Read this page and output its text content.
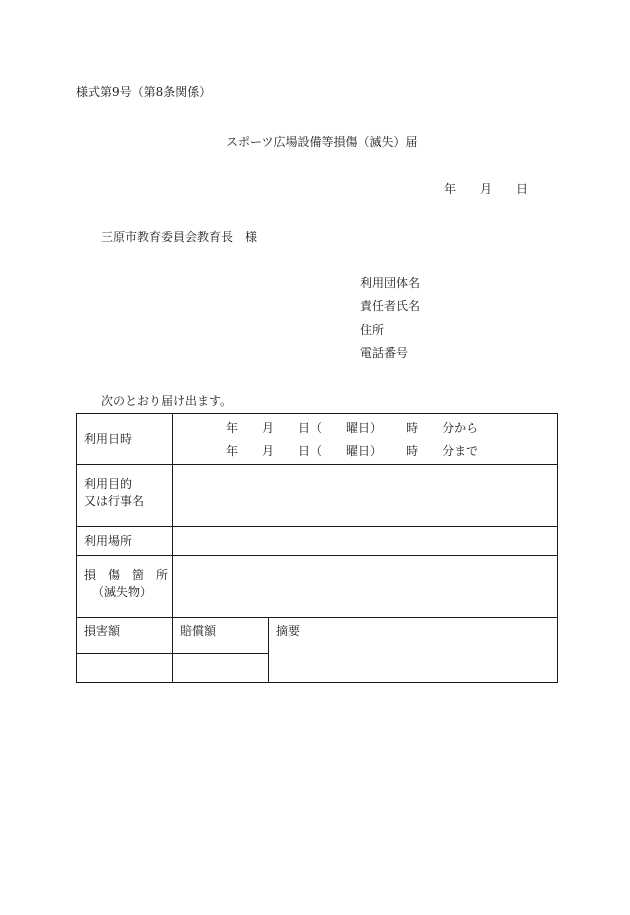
様式第9号（第8条関係）
スポーツ広場設備等損傷（滅失）届
年 月 日
三原市教育委員会教育長　様
利用団体名
責任者氏名
住所
電話番号
次のとおり届け出ます。
利用日時	年 月 日（ 曜日） 時 分から
年 月 日（ 曜日） 時 分まで	

利用目的
又は行事名		

利用場所		

損 傷 箇 所
（滅失物）		

損害額	賠償額	摘要
